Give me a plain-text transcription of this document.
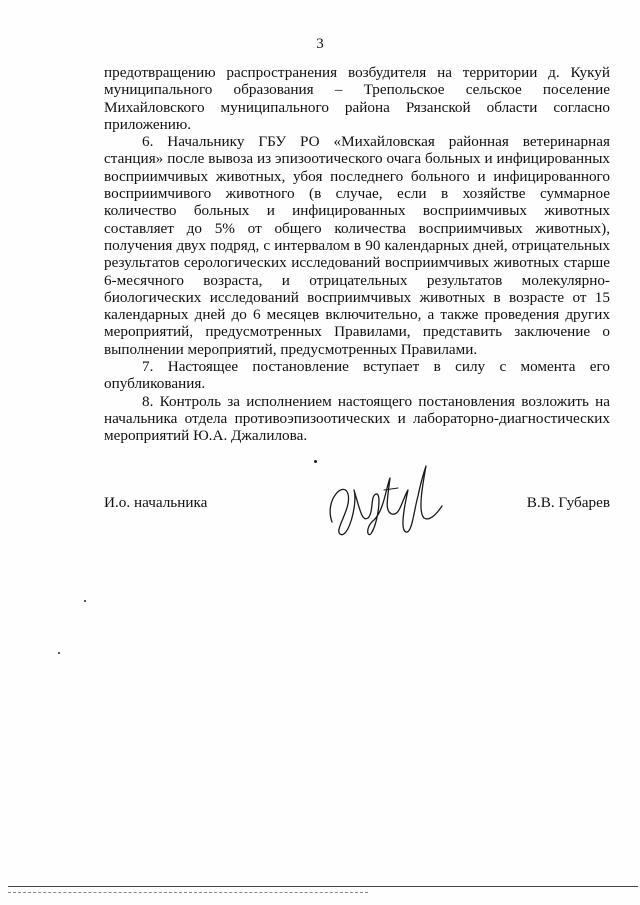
3

предотвращению распространения возбудителя на территории д. Кукуй муниципального образования – Трепольское сельское поселение Михайловского муниципального района Рязанской области согласно приложению.

6. Начальнику ГБУ РО «Михайловская районная ветеринарная станция» после вывоза из эпизоотического очага больных и инфицированных восприимчивых животных, убоя последнего больного и инфицированного восприимчивого животного (в случае, если в хозяйстве суммарное количество больных и инфицированных восприимчивых животных составляет до 5% от общего количества восприимчивых животных), получения двух подряд, с интервалом в 90 календарных дней, отрицательных результатов серологических исследований восприимчивых животных старше 6-месячного возраста, и отрицательных результатов молекулярно-биологических исследований восприимчивых животных в возрасте от 15 календарных дней до 6 месяцев включительно, а также проведения других мероприятий, предусмотренных Правилами, представить заключение о выполнении мероприятий, предусмотренных Правилами.

7. Настоящее постановление вступает в силу с момента его опубликования.

8. Контроль за исполнением настоящего постановления возложить на начальника отдела противоэпизоотических и лабораторно-диагностических мероприятий Ю.А. Джалилова.

И.о. начальника	В.В. Губарев
